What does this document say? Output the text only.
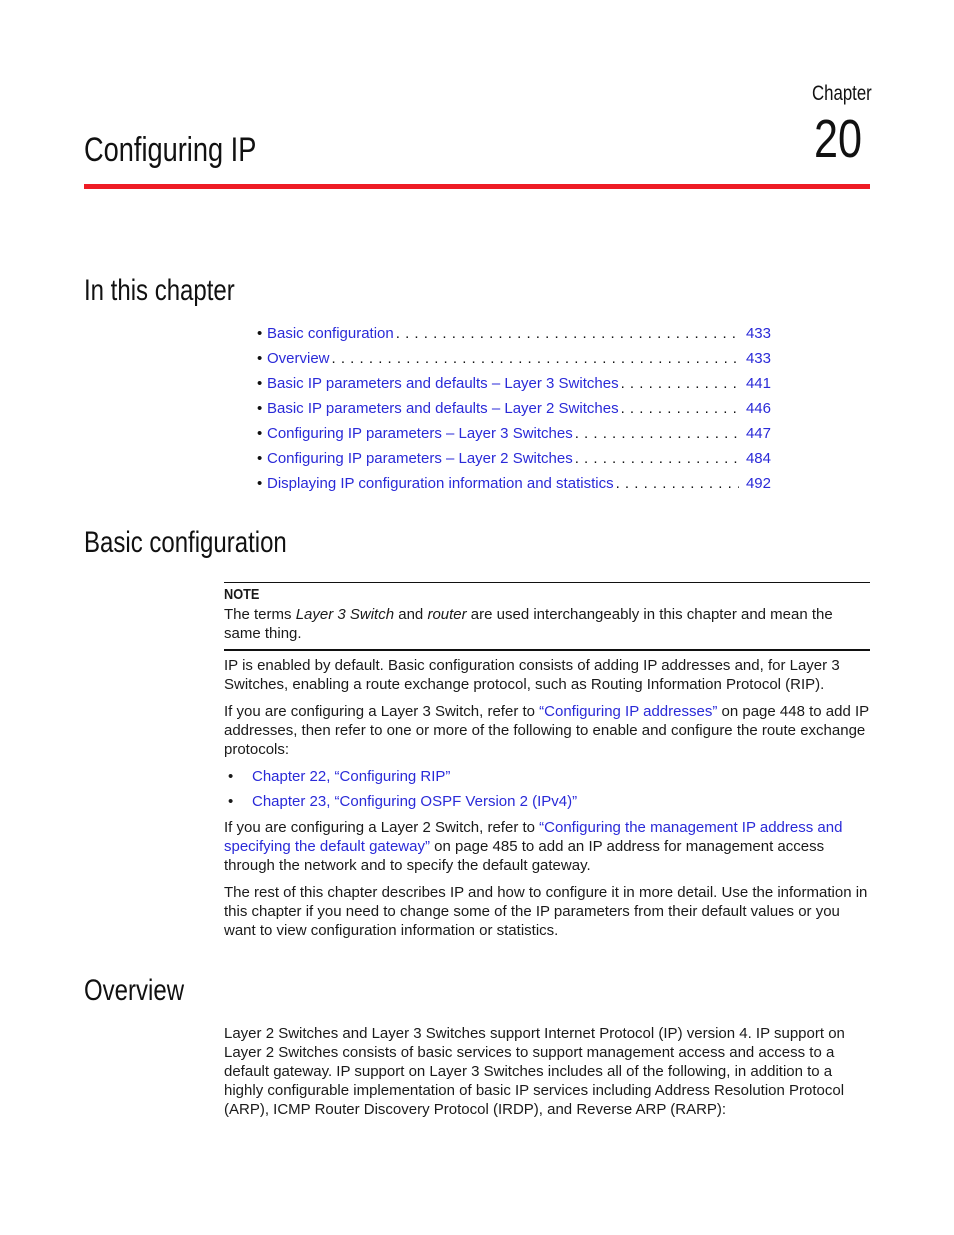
Chapter
20
Configuring IP
In this chapter
• Basic configuration . . .	433
• Overview . . .	433
• Basic IP parameters and defaults – Layer 3 Switches . . .	441
• Basic IP parameters and defaults – Layer 2 Switches . . .	446
• Configuring IP parameters – Layer 3 Switches . . .	447
• Configuring IP parameters – Layer 2 Switches . . .	484
• Displaying IP configuration information and statistics . . .	492
Basic configuration
NOTE
The terms Layer 3 Switch and router are used interchangeably in this chapter and mean the same thing.

IP is enabled by default. Basic configuration consists of adding IP addresses and, for Layer 3 Switches, enabling a route exchange protocol, such as Routing Information Protocol (RIP).

If you are configuring a Layer 3 Switch, refer to “Configuring IP addresses” on page 448 to add IP addresses, then refer to one or more of the following to enable and configure the route exchange protocols:

• Chapter 22, “Configuring RIP”
• Chapter 23, “Configuring OSPF Version 2 (IPv4)”

If you are configuring a Layer 2 Switch, refer to “Configuring the management IP address and specifying the default gateway” on page 485 to add an IP address for management access through the network and to specify the default gateway.

The rest of this chapter describes IP and how to configure it in more detail. Use the information in this chapter if you need to change some of the IP parameters from their default values or you want to view configuration information or statistics.

Overview

Layer 2 Switches and Layer 3 Switches support Internet Protocol (IP) version 4. IP support on Layer 2 Switches consists of basic services to support management access and access to a default gateway. IP support on Layer 3 Switches includes all of the following, in addition to a highly configurable implementation of basic IP services including Address Resolution Protocol (ARP), ICMP Router Discovery Protocol (IRDP), and Reverse ARP (RARP):
